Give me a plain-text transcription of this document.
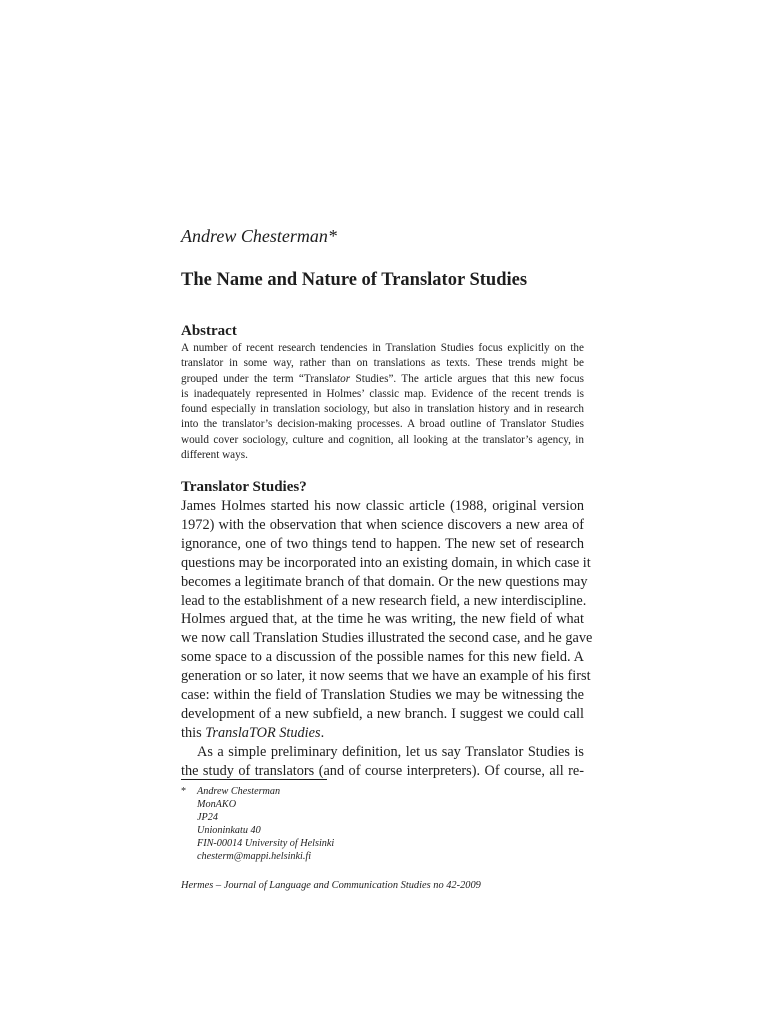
Andrew Chesterman*
The Name and Nature of Translator Studies
Abstract
A number of recent research tendencies in Translation Studies focus explicitly on the
translator in some way, rather than on translations as texts. These trends might be
grouped under the term “Translator Studies”. The article argues that this new focus
is inadequately represented in Holmes’ classic map. Evidence of the recent trends is
found especially in translation sociology, but also in translation history and in research
into the translator’s decision-making processes. A broad outline of Translator Studies
would cover sociology, culture and cognition, all looking at the translator’s agency, in
different ways.
Translator Studies?
James Holmes started his now classic article (1988, original version
1972) with the observation that when science discovers a new area of
ignorance, one of two things tend to happen. The new set of research
questions may be incorporated into an existing domain, in which case it
becomes a legitimate branch of that domain. Or the new questions may
lead to the establishment of a new research field, a new interdiscipline.
Holmes argued that, at the time he was writing, the new field of what
we now call Translation Studies illustrated the second case, and he gave
some space to a discussion of the possible names for this new field. A
generation or so later, it now seems that we have an example of his first
case: within the field of Translation Studies we may be witnessing the
development of a new subfield, a new branch. I suggest we could call
this TranslaTOR Studies.
As a simple preliminary definition, let us say Translator Studies is
the study of translators (and of course interpreters). Of course, all re-
* Andrew Chesterman
MonAKO
JP24
Unioninkatu 40
FIN-00014 University of Helsinki
chesterm@mappi.helsinki.fi
Hermes – Journal of Language and Communication Studies no 42-2009
